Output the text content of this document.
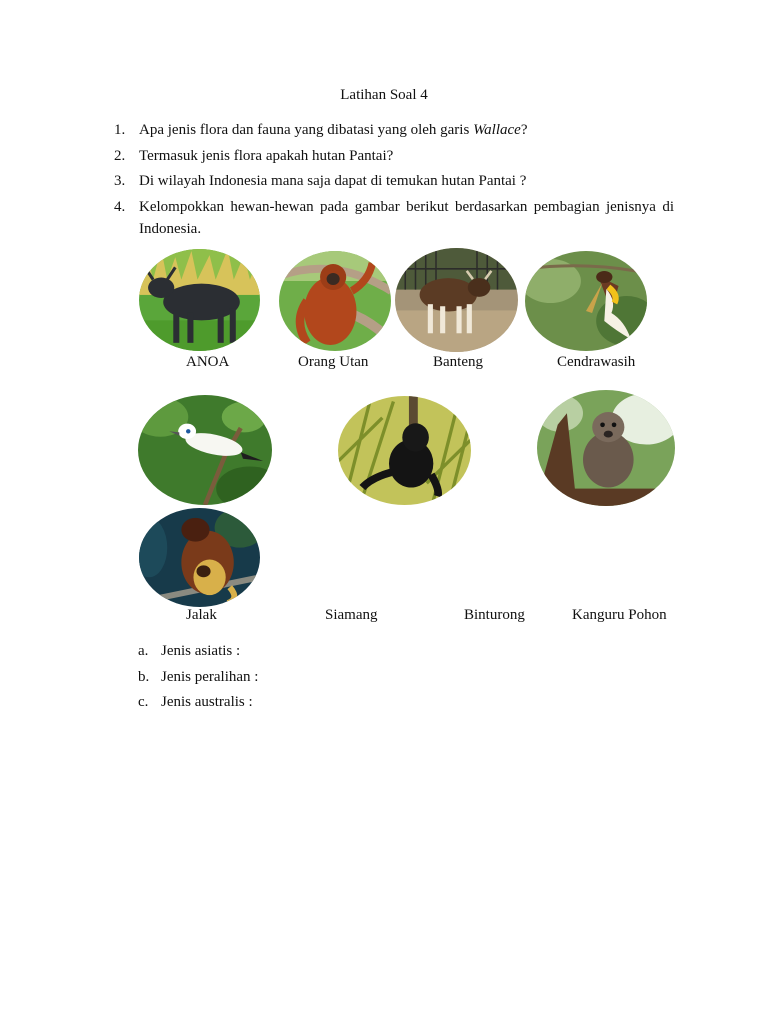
Latihan Soal 4
1. Apa jenis flora dan fauna yang dibatasi yang oleh garis Wallace?
2. Termasuk jenis flora apakah hutan Pantai?
3. Di wilayah Indonesia mana saja dapat di temukan hutan Pantai ?
4. Kelompokkan hewan-hewan pada gambar berikut berdasarkan pembagian jenisnya di
Indonesia.
ANOA	Orang Utan	Banteng	Cendrawasih
Jalak	Siamang	Binturong	Kanguru Pohon
a. Jenis asiatis :
b. Jenis peralihan :
c. Jenis australis :
